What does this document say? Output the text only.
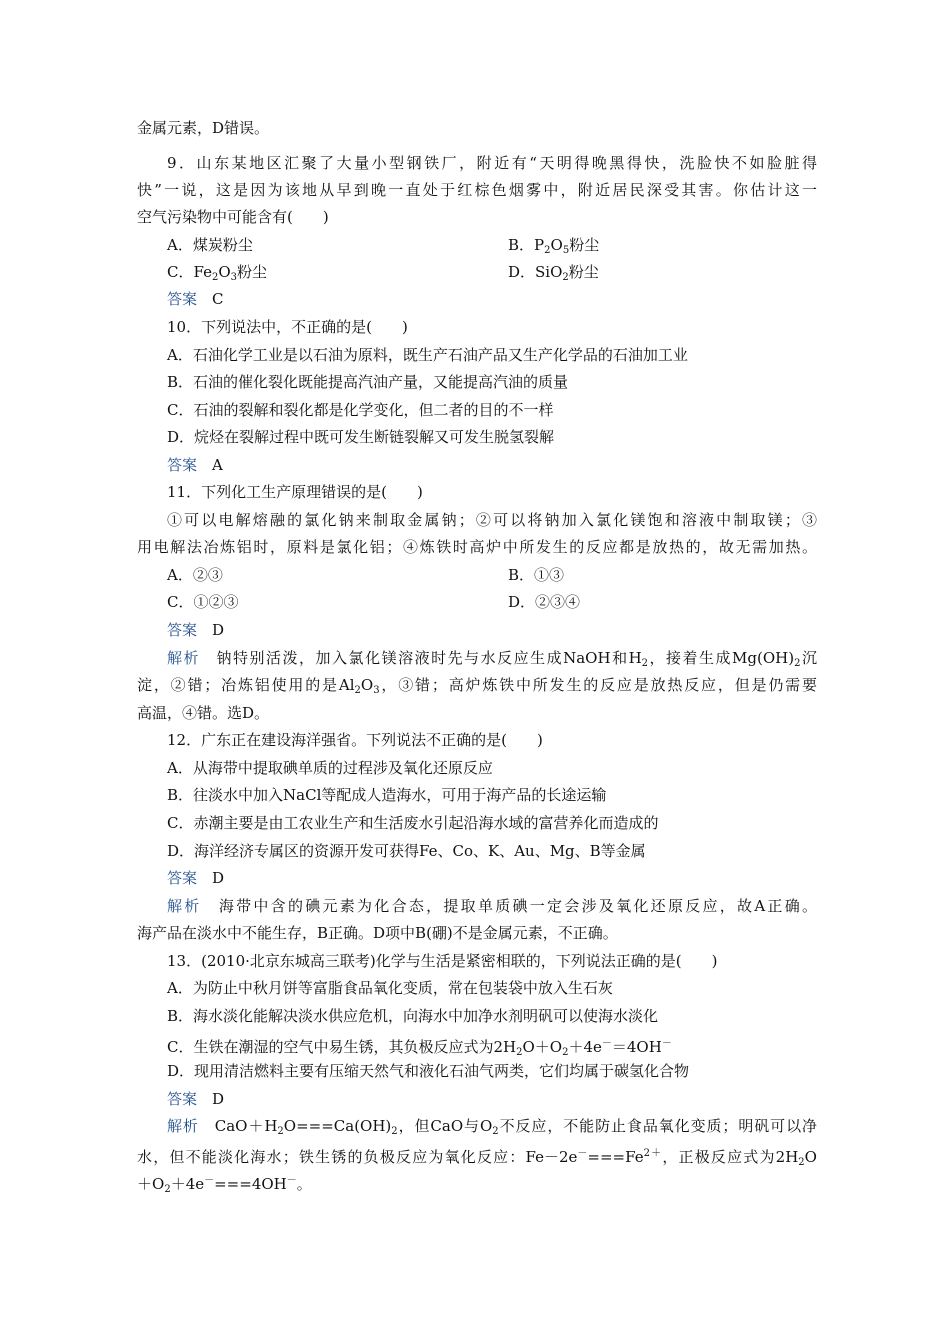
金属元素，D错误。
9．山东某地区汇聚了大量小型钢铁厂，附近有“天明得晚黑得快，洗脸快不如脸脏得
快”一说，这是因为该地从早到晚一直处于红棕色烟雾中，附近居民深受其害。你估计这一
空气污染物中可能含有(　　)
A．煤炭粉尘	B．$P_2O_5$粉尘
C．$Fe_2O_3$粉尘	D．SiO$_2$粉尘
答案　 C
10．下列说法中，不正确的是(　　)
A．石油化学工业是以石油为原料，既生产石油产品又生产化学品的石油加工业
B．石油的催化裂化既能提高汽油产量，又能提高汽油的质量
C．石油的裂解和裂化都是化学变化，但二者的目的不一样
D．烷烃在裂解过程中既可发生断链裂解又可发生脱氢裂解
答案　 A
11．下列化工生产原理错误的是(　　)
①可以电解熔融的氯化钠来制取金属钠；②可以将钠加入氯化镁饱和溶液中制取镁；③
用电解法冶炼铝时，原料是氯化铝；④炼铁时高炉中所发生的反应都是放热的，故无需加热。
A．②③	B．①③
C．①②③	D．②③④
答案　 D
解析　 钠特别活泼，加入氯化镁溶液时先与水反应生成NaOH和$H_2$，接着生成$Mg(OH)_2$沉
淀，②错；冶炼铝使用的是$Al_2O_3$，③错；高炉炼铁中所发生的反应是放热反应，但是仍需要
高温，④错。选D。
12．广东正在建设海洋强省。下列说法不正确的是(　　)
A．从海带中提取碘单质的过程涉及氧化还原反应
B．往淡水中加入NaCl等配成人造海水，可用于海产品的长途运输
C．赤潮主要是由工农业生产和生活废水引起沿海水域的富营养化而造成的
D．海洋经济专属区的资源开发可获得Fe、Co、K、Au、Mg、B等金属
答案　 D
解析　 海带中含的碘元素为化合态，提取单质碘一定会涉及氧化还原反应，故A正确。
海产品在淡水中不能生存，B正确。D项中B(硼)不是金属元素，不正确。
13．(2010·北京东城高三联考)化学与生活是紧密相联的，下列说法正确的是(　　)
A．为防止中秋月饼等富脂食品氧化变质，常在包装袋中放入生石灰
B．海水淡化能解决淡水供应危机，向海水中加净水剂明矾可以使海水淡化
C．生铁在潮湿的空气中易生锈，其负极反应式为$2H_2O+O_2+4e^-=4OH^-$
D．现用清洁燃料主要有压缩天然气和液化石油气两类，它们均属于碳氢化合物
答案　 D
解析　 $CaO+H_2O===Ca(OH)_2$，但CaO与$O_2$不反应，不能防止食品氧化变质；明矾可以净
水，但不能淡化海水；铁生锈的负极反应为氧化反应：$Fe-2e^-===Fe^{2+}$，正极反应式为$2H_2O$
$+O_2+4e^-===4OH^-$。
